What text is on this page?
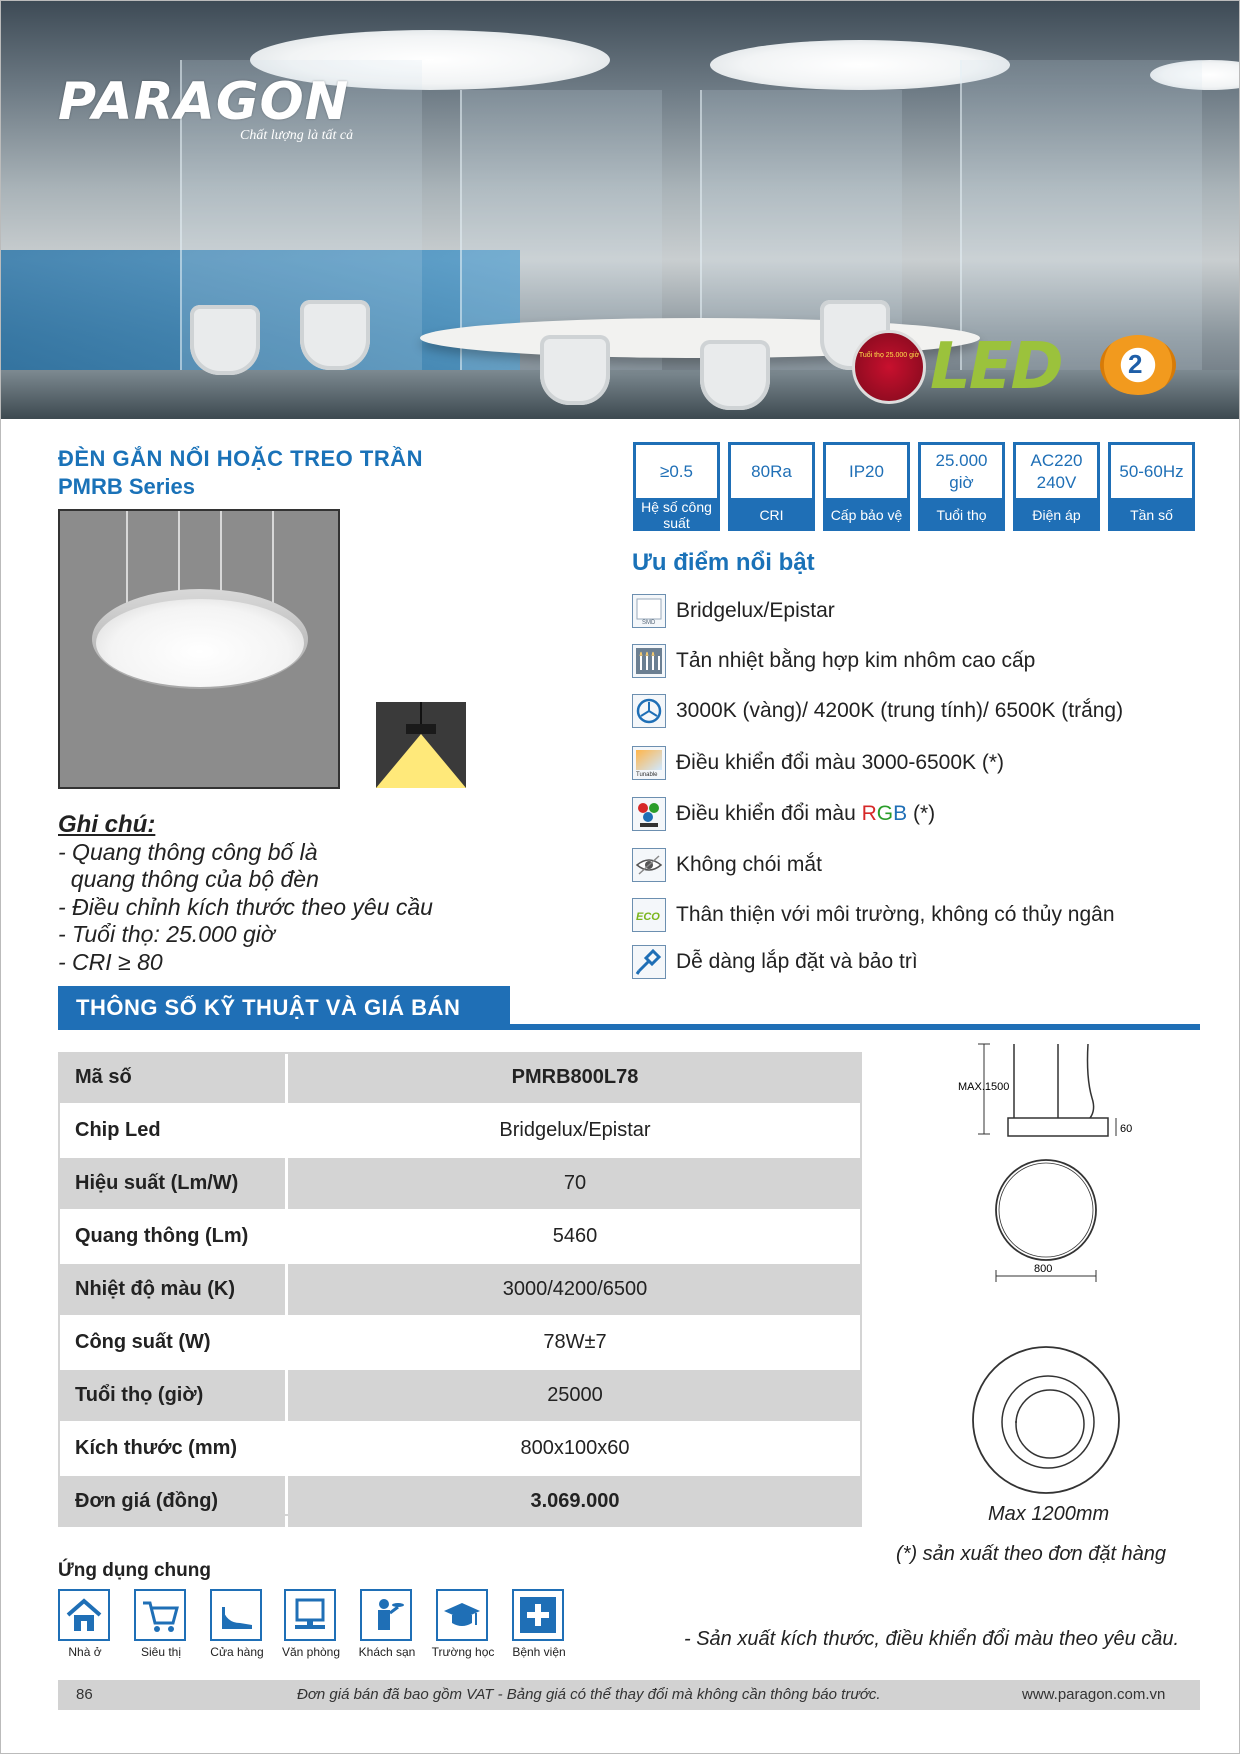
PARAGON
Chất lượng là tất cả
Tuổi thọ 25.000 giờ LED	2
ĐÈN GẮN NỔI HOẶC TREO TRẦN
PMRB Series
Ghi chú:
- Quang thông công bố là
quang thông của bộ đèn
- Điều chỉnh kích thước theo yêu cầu
- Tuổi thọ: 25.000 giờ
- CRI ≥ 80
≥0.5
Hệ số công suất
80Ra
CRI
IP20
Cấp bảo vệ
25.000 giờ
Tuổi thọ
AC220 240V
Điện áp
50-60Hz
Tần số
Ưu điểm nổi bật
SMD
Bridgelux/Epistar
Tản nhiệt bằng hợp kim nhôm cao cấp
3000K (vàng)/ 4200K (trung tính)/ 6500K (trắng)
Tunable
Điều khiển đổi màu 3000-6500K (*)
Điều khiển đổi màu RGB (*)
Không chói mắt
ECO Thân thiện với môi trường, không có thủy ngân
Dễ dàng lắp đặt và bảo trì
THÔNG SỐ KỸ THUẬT VÀ GIÁ BÁN
Mã số	PMRB800L78
Chip Led	Bridgelux/Epistar
Hiệu suất (Lm/W)	70
Quang thông (Lm)	5460
Nhiệt độ màu (K)	3000/4200/6500
Công suất (W)	78W±7
Tuổi thọ (giờ)	25000
Kích thước (mm)	800x100x60
Đơn giá (đồng)	3.069.000
MAX.1500
60
800
Max 1200mm
(*) sản xuất theo đơn đặt hàng
Ứng dụng chung
Nhà ở	Siêu thị	Cửa hàng	Văn phòng	Khách sạn	Trường học	Bệnh viện
- Sản xuất kích thước, điều khiển đổi màu theo yêu cầu.
86	Đơn giá bán đã bao gồm VAT - Bảng giá có thể thay đổi mà không cần thông báo trước.	www.paragon.com.vn
